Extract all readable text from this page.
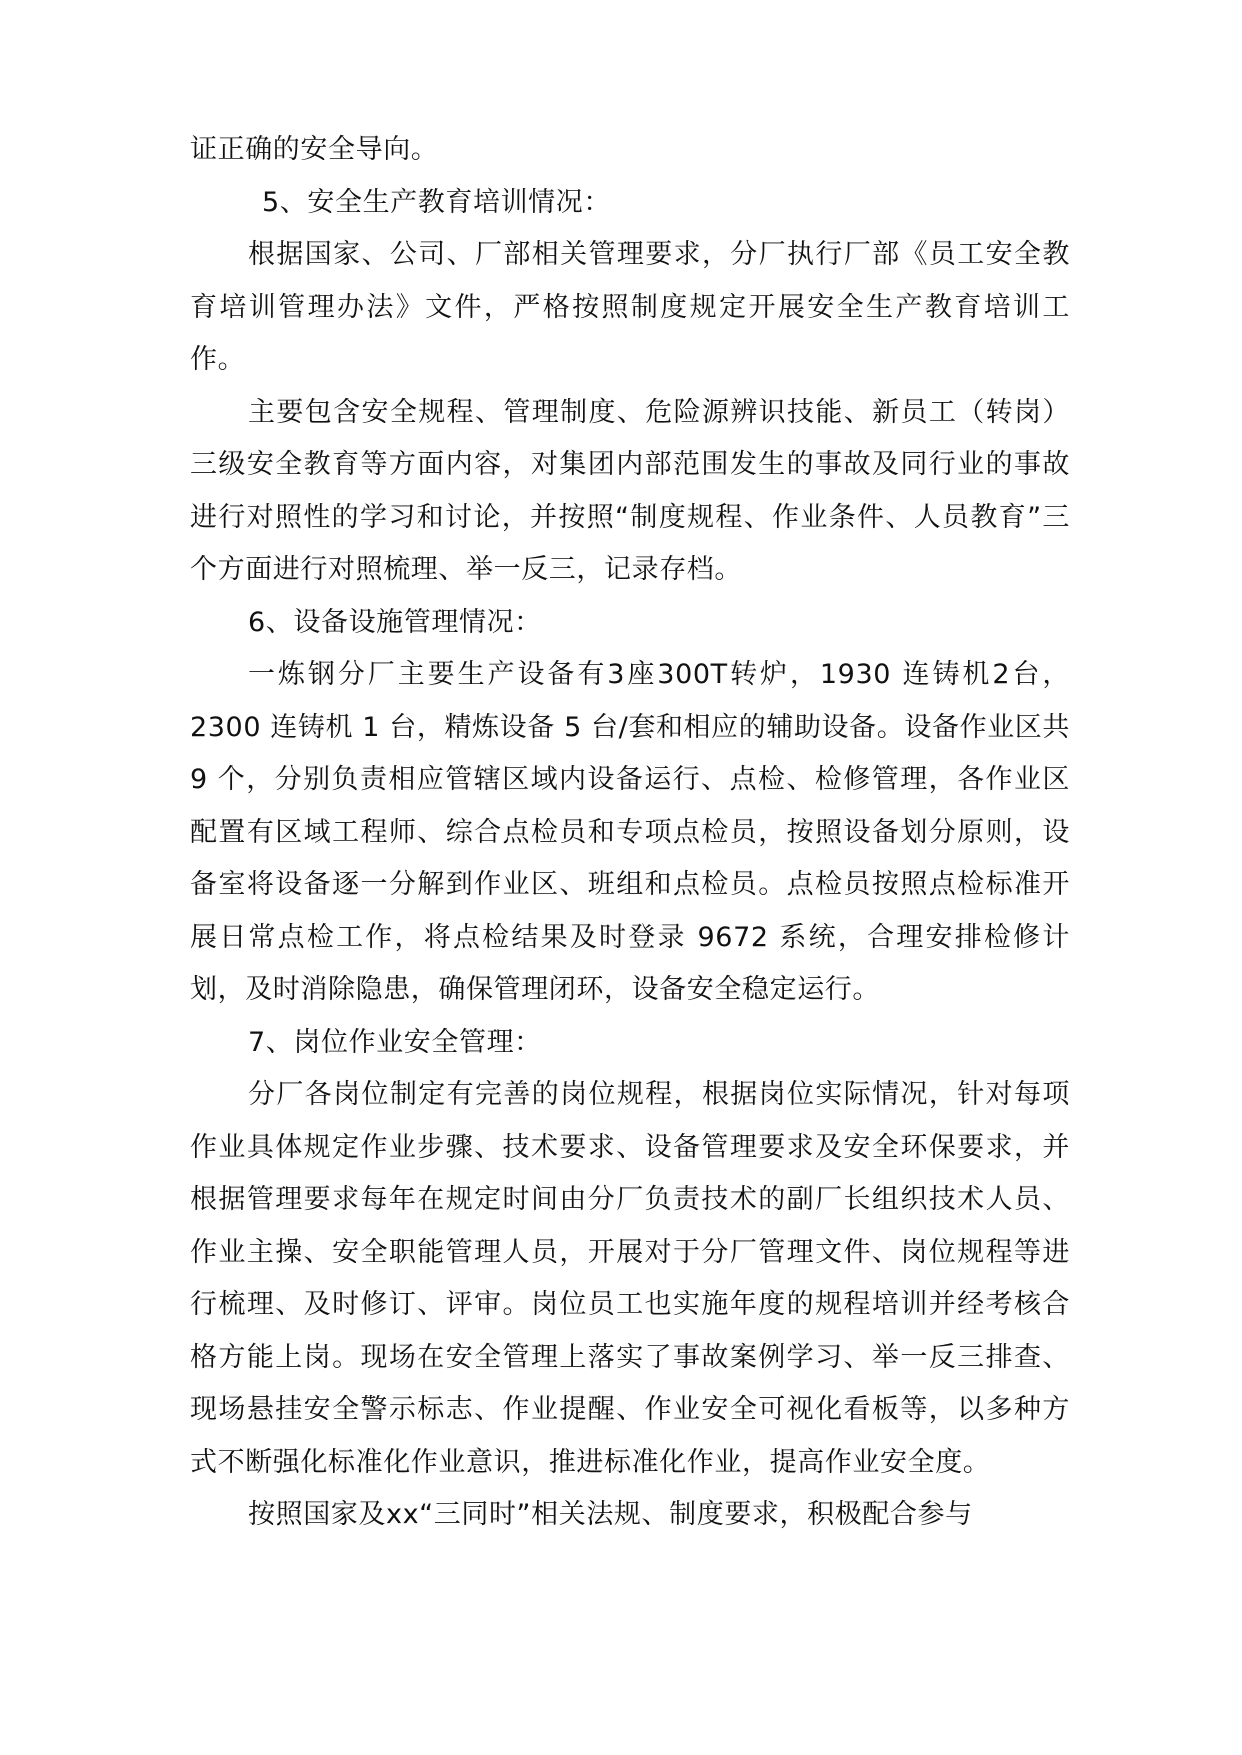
证正确的安全导向。

5、安全生产教育培训情况：

根据国家、公司、厂部相关管理要求，分厂执行厂部《员工安全教育培训管理办法》文件，严格按照制度规定开展安全生产教育培训工作。

主要包含安全规程、管理制度、危险源辨识技能、新员工（转岗）三级安全教育等方面内容，对集团内部范围发生的事故及同行业的事故进行对照性的学习和讨论，并按照“制度规程、作业条件、人员教育”三个方面进行对照梳理、举一反三，记录存档。

6、设备设施管理情况：

一炼钢分厂主要生产设备有3座300T转炉，1930 连铸机2台，2300 连铸机 1 台，精炼设备 5 台/套和相应的辅助设备。设备作业区共 9 个，分别负责相应管辖区域内设备运行、点检、检修管理，各作业区配置有区域工程师、综合点检员和专项点检员，按照设备划分原则，设备室将设备逐一分解到作业区、班组和点检员。点检员按照点检标准开展日常点检工作，将点检结果及时登录 9672 系统，合理安排检修计划，及时消除隐患，确保管理闭环，设备安全稳定运行。

7、岗位作业安全管理：

分厂各岗位制定有完善的岗位规程，根据岗位实际情况，针对每项作业具体规定作业步骤、技术要求、设备管理要求及安全环保要求，并根据管理要求每年在规定时间由分厂负责技术的副厂长组织技术人员、作业主操、安全职能管理人员，开展对于分厂管理文件、岗位规程等进行梳理、及时修订、评审。岗位员工也实施年度的规程培训并经考核合格方能上岗。现场在安全管理上落实了事故案例学习、举一反三排查、现场悬挂安全警示标志、作业提醒、作业安全可视化看板等，以多种方式不断强化标准化作业意识，推进标准化作业，提高作业安全度。

按照国家及xx“三同时”相关法规、制度要求，积极配合参与
